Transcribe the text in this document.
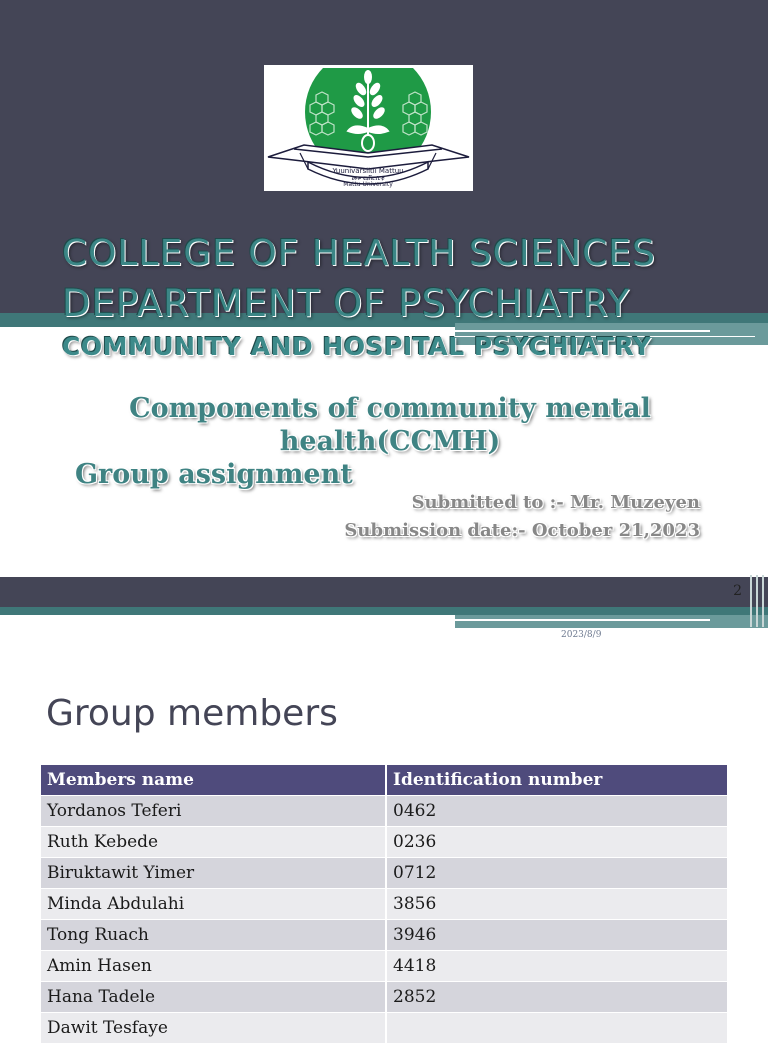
Yuunivarsiitii Mattuu
መቱ ዩኒቨርሲቲ
Mattu University
COLLEGE OF HEALTH SCIENCES
DEPARTMENT OF PSYCHIATRY
COMMUNITY AND HOSPITAL PSYCHIATRY
Components of community mental health(CCMH)
Group assignment
Submitted to :- Mr. Muzeyen
Submission date:- October 21,2023
2
2023/8/9
Group members
Members name	Identification number
Yordanos Teferi	0462
Ruth Kebede	0236
Biruktawit Yimer	0712
Minda Abdulahi	3856
Tong Ruach	3946
Amin Hasen	4418
Hana Tadele	2852
Dawit Tesfaye	
